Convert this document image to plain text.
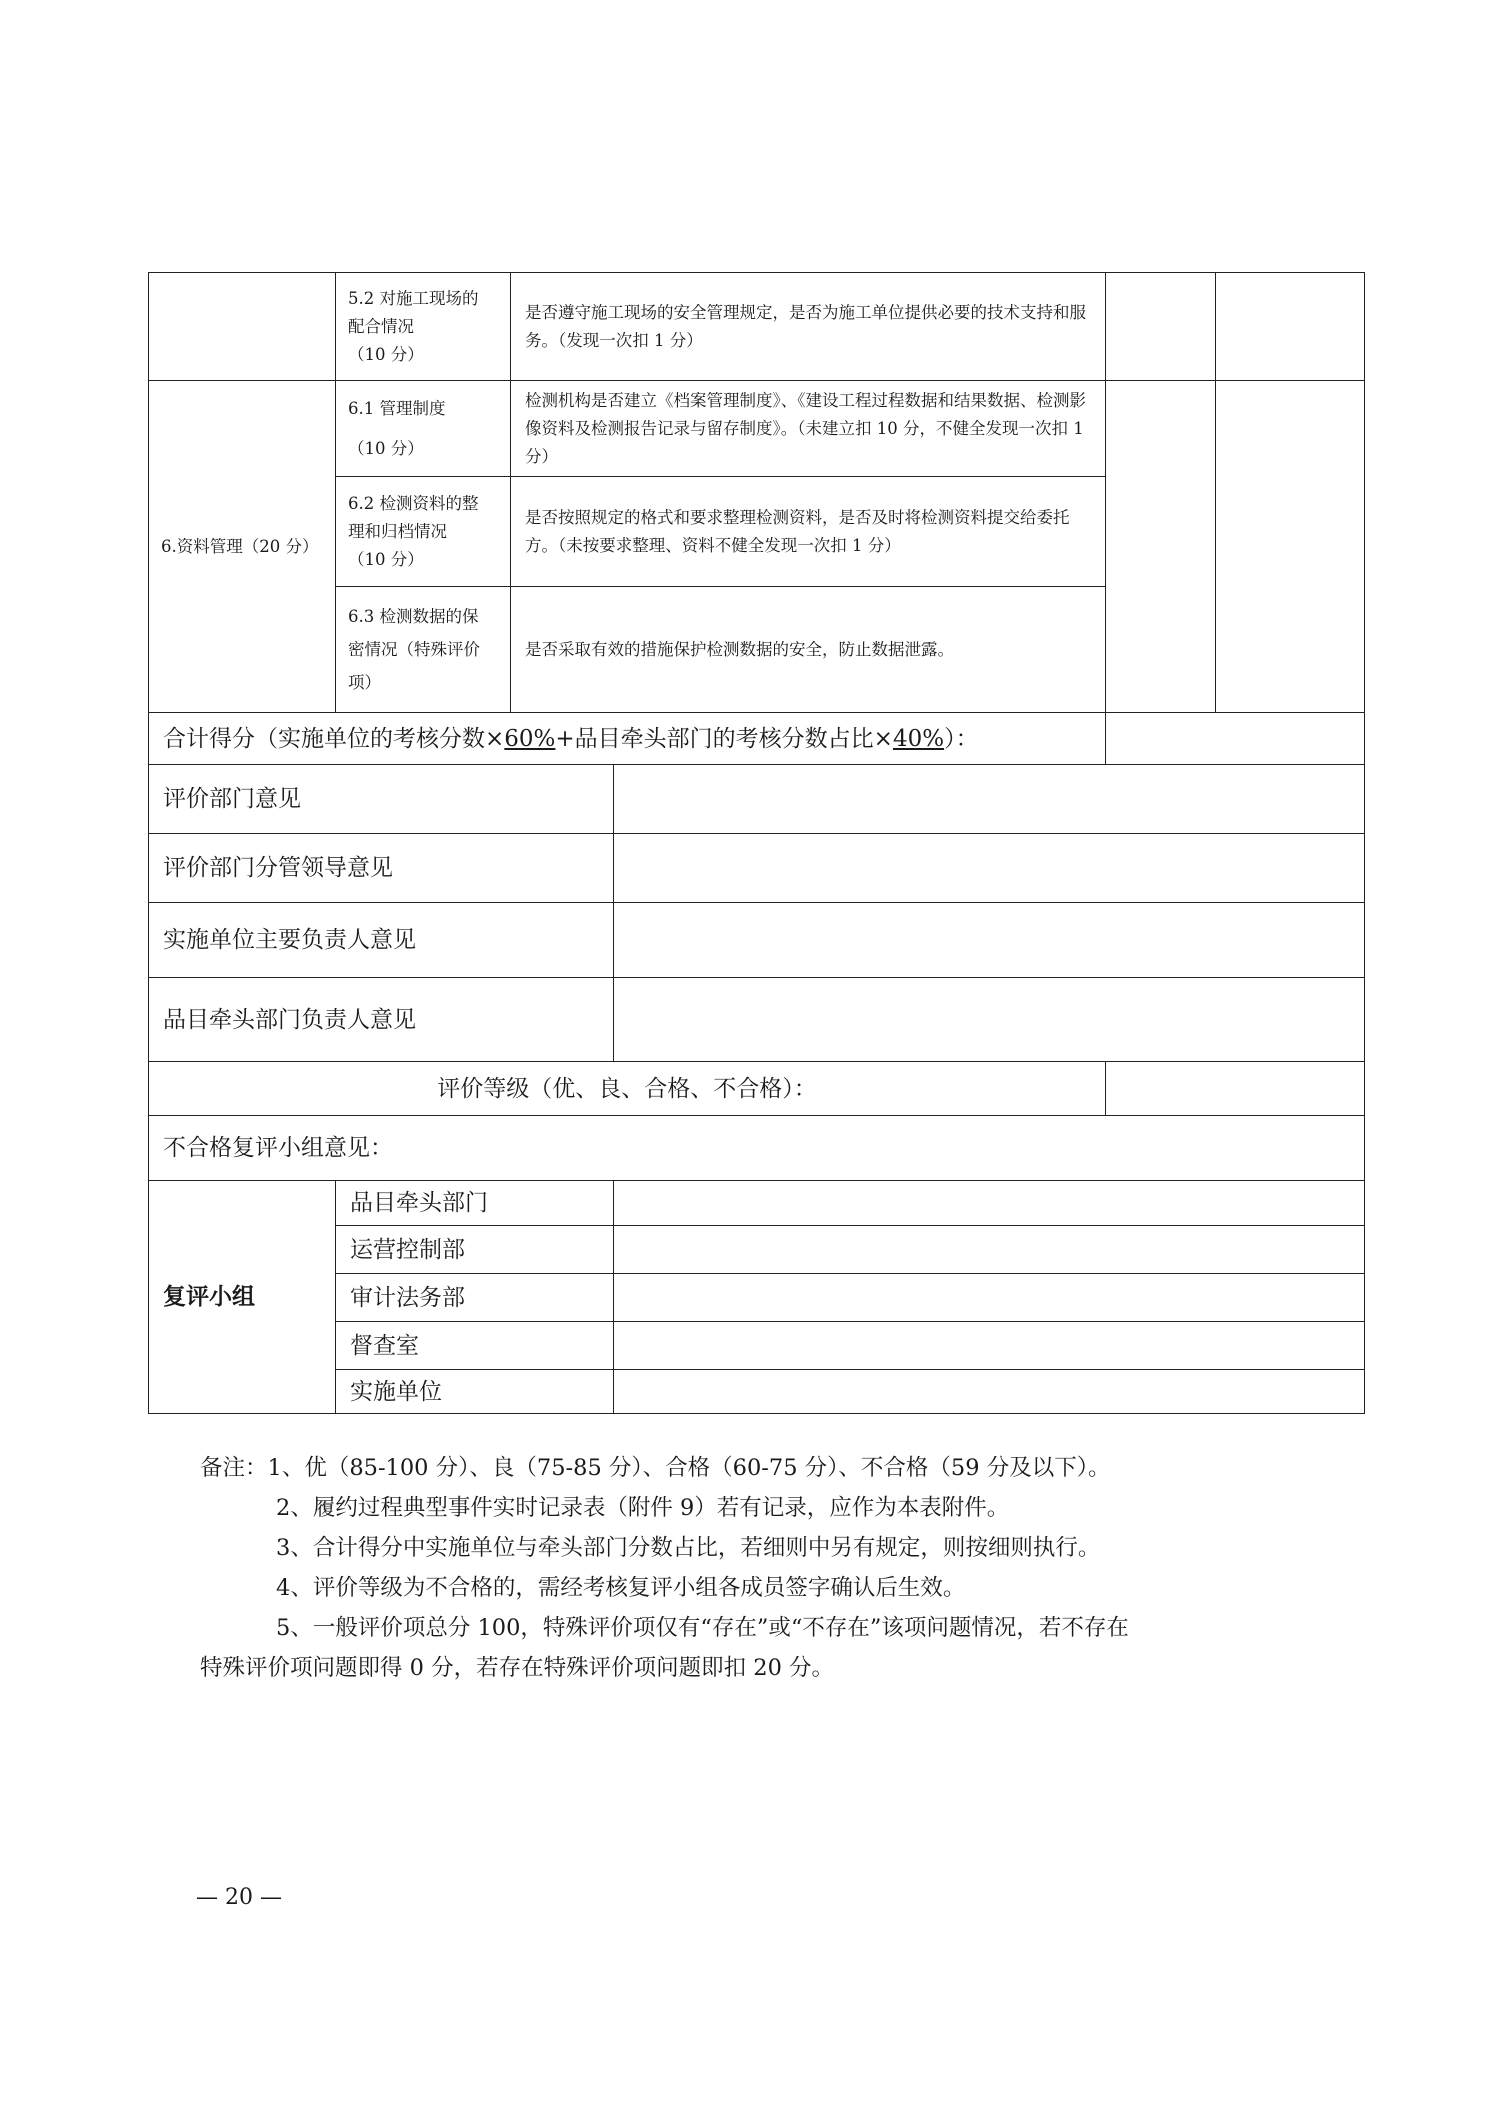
	5.2 对施工现场的
配合情况
（10 分）	是否遵守施工现场的安全管理规定，是否为施工单位提供必要的技术支持和服务。（发现一次扣 1 分）		
6.资料管理（20 分）	6.1 管理制度
（10 分）	检测机构是否建立《档案管理制度》、《建设工程过程数据和结果数据、检测影像资料及检测报告记录与留存制度》。（未建立扣 10 分，不健全发现一次扣 1 分）		

	6.2 检测资料的整
理和归档情况
（10 分）	是否按照规定的格式和要求整理检测资料，是否及时将检测资料提交给委托方。（未按要求整理、资料不健全发现一次扣 1 分）		

	6.3 检测数据的保
密情况（特殊评价
项）	是否采取有效的措施保护检测数据的安全，防止数据泄露。		
合计得分（实施单位的考核分数×60%+品目牵头部门的考核分数占比×40%）：			
评价部门意见			
评价部门分管领导意见			
实施单位主要负责人意见			
品目牵头部门负责人意见			
评价等级（优、良、合格、不合格）：			
不合格复评小组意见：			
复评小组	品目牵头部门		
	运营控制部		
	审计法务部		
	督查室		
	实施单位		

备注：1、优（85-100 分）、良（75-85 分）、合格（60-75 分）、不合格（59 分及以下）。

2、履约过程典型事件实时记录表（附件 9）若有记录，应作为本表附件。

3、合计得分中实施单位与牵头部门分数占比，若细则中另有规定，则按细则执行。

4、评价等级为不合格的，需经考核复评小组各成员签字确认后生效。

5、一般评价项总分 100，特殊评价项仅有“存在”或“不存在”该项问题情况，若不存在

特殊评价项问题即得 0 分，若存在特殊评价项问题即扣 20 分。

— 20 —
